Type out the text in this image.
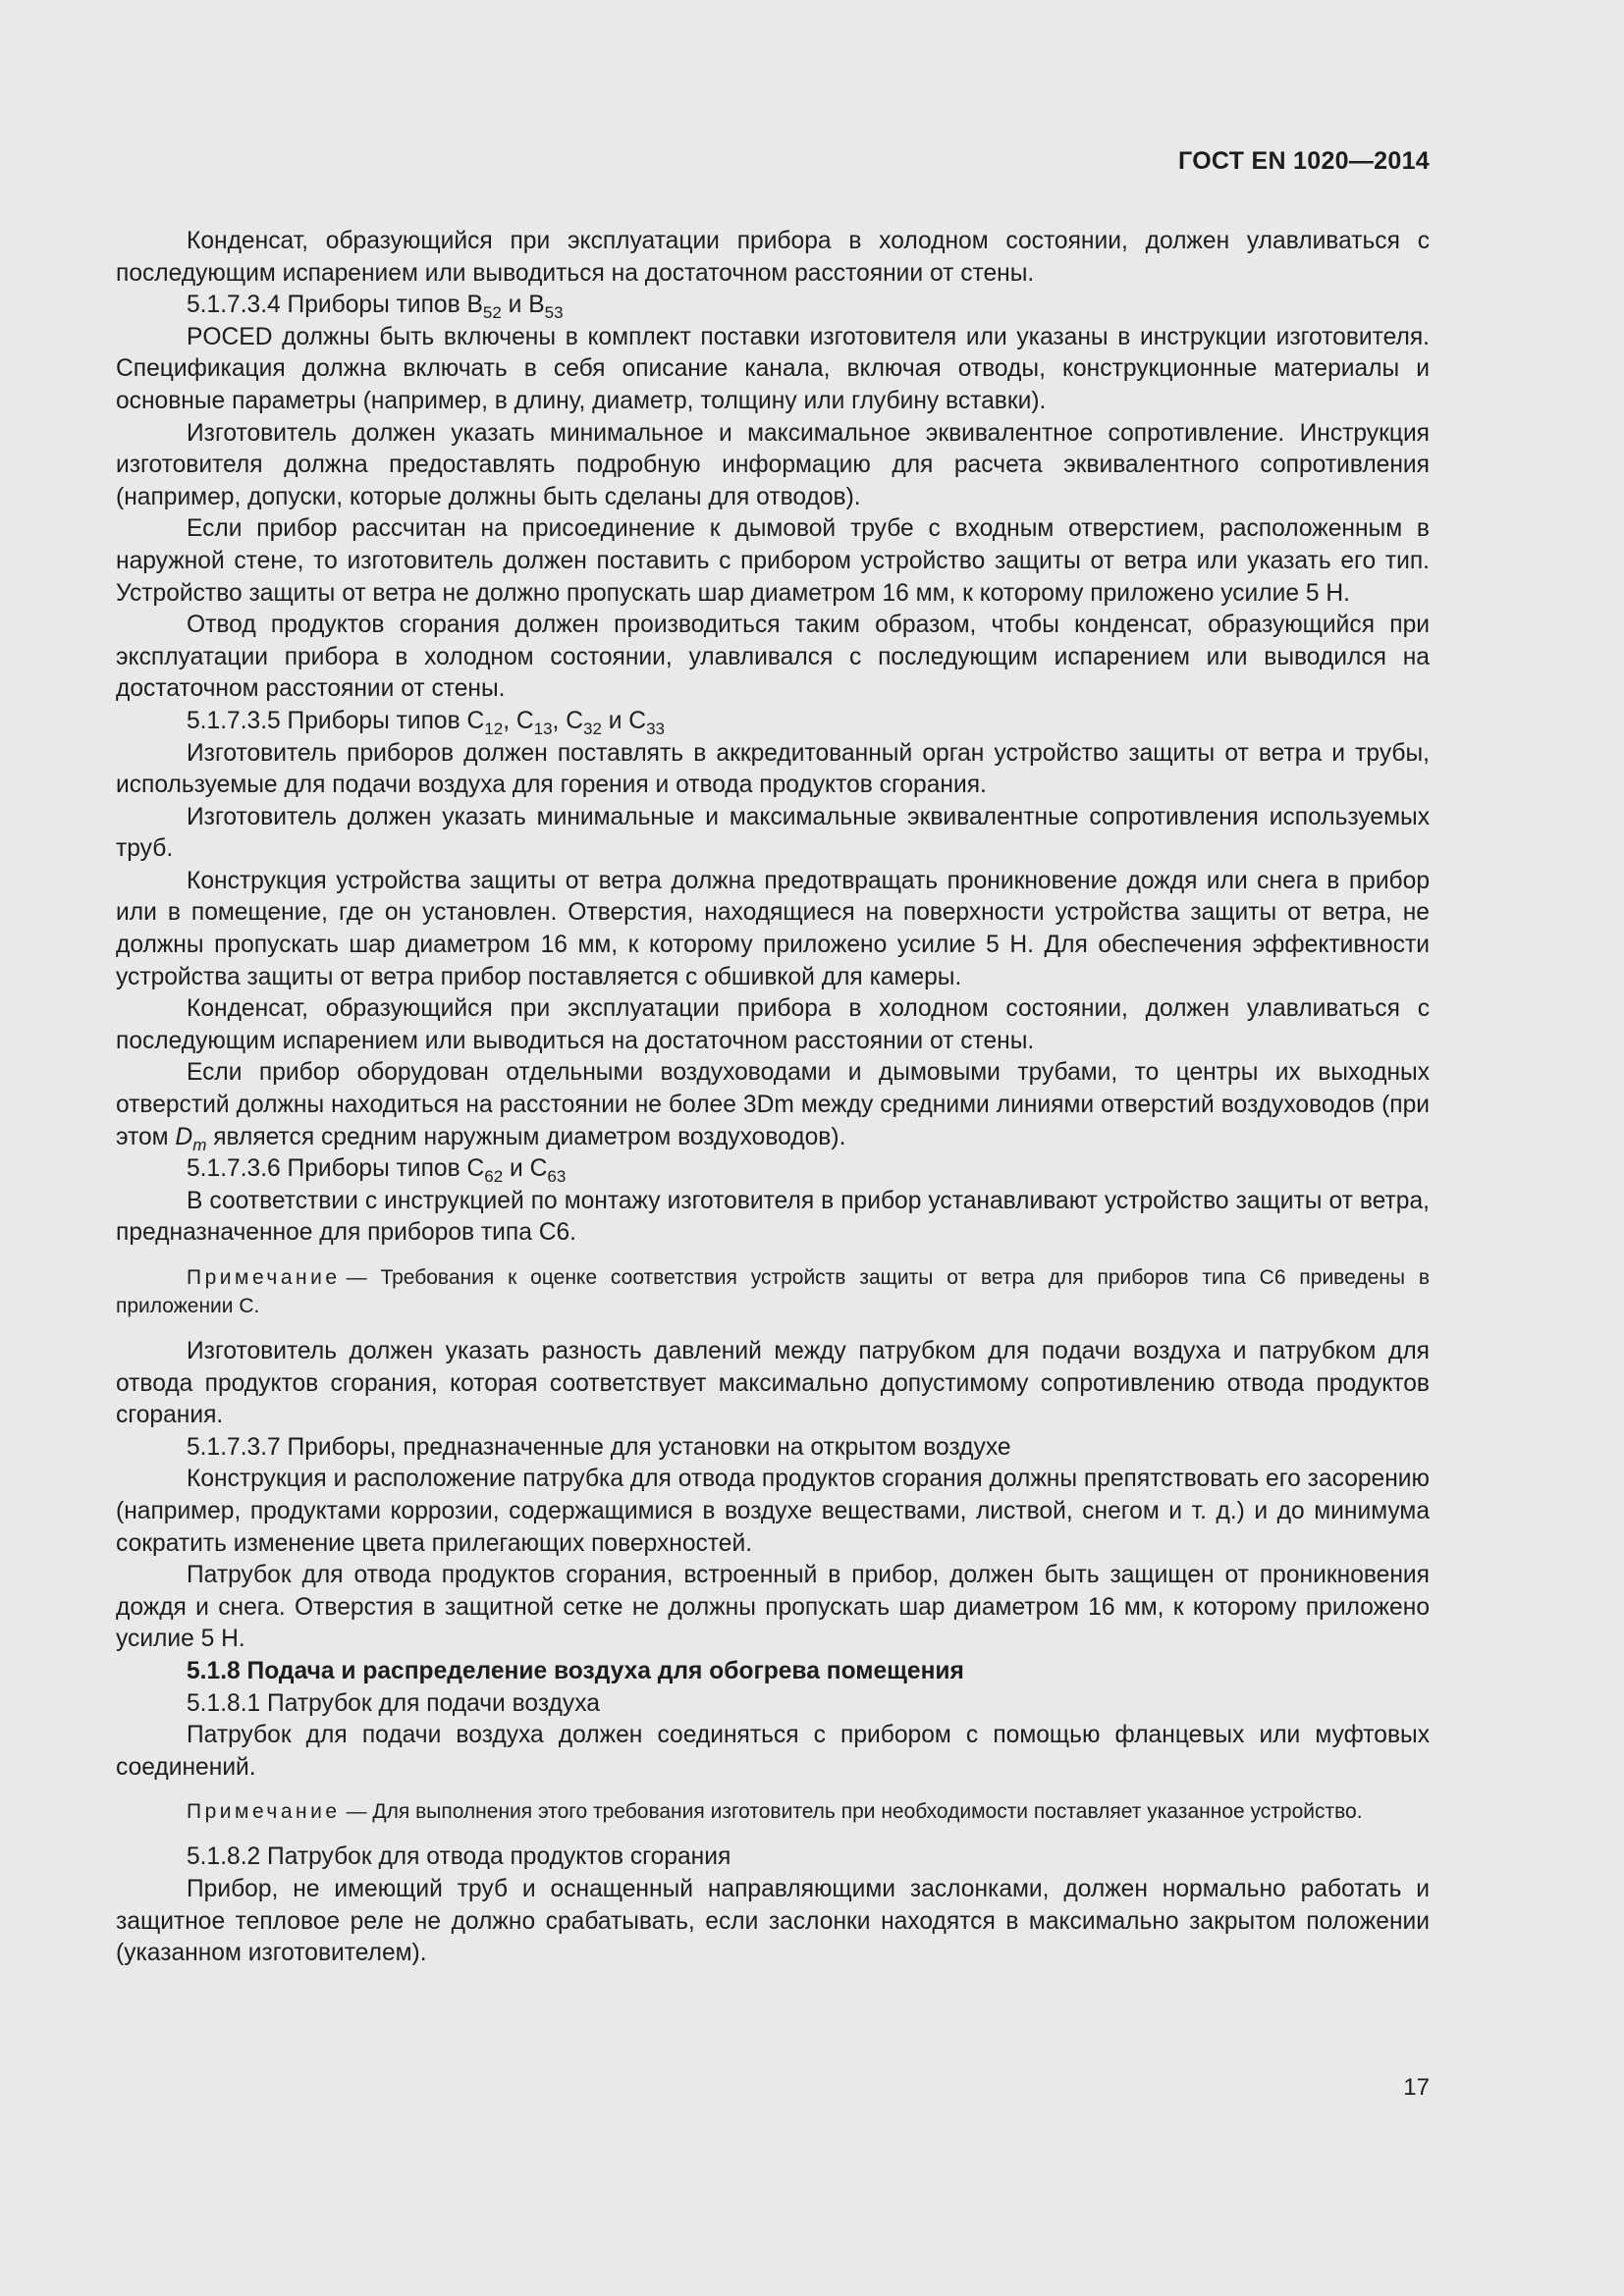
ГОСТ EN 1020—2014

Конденсат, образующийся при эксплуатации прибора в холодном состоянии, должен улавливаться с последующим испарением или выводиться на достаточном расстоянии от стены.

5.1.7.3.4 Приборы типов $В_{52}$ и $В_{53}$

POCED должны быть включены в комплект поставки изготовителя или указаны в инструкции изготовителя. Спецификация должна включать в себя описание канала, включая отводы, конструкционные материалы и основные параметры (например, в длину, диаметр, толщину или глубину вставки).

Изготовитель должен указать минимальное и максимальное эквивалентное сопротивление. Инструкция изготовителя должна предоставлять подробную информацию для расчета эквивалентного сопротивления (например, допуски, которые должны быть сделаны для отводов).

Если прибор рассчитан на присоединение к дымовой трубе с входным отверстием, расположенным в наружной стене, то изготовитель должен поставить с прибором устройство защиты от ветра или указать его тип. Устройство защиты от ветра не должно пропускать шар диаметром 16 мм, к которому приложено усилие 5 Н.

Отвод продуктов сгорания должен производиться таким образом, чтобы конденсат, образующийся при эксплуатации прибора в холодном состоянии, улавливался с последующим испарением или выводился на достаточном расстоянии от стены.

5.1.7.3.5 Приборы типов $С_{12}$, $С_{13}$, $С_{32}$ и $С_{33}$

Изготовитель приборов должен поставлять в аккредитованный орган устройство защиты от ветра и трубы, используемые для подачи воздуха для горения и отвода продуктов сгорания.

Изготовитель должен указать минимальные и максимальные эквивалентные сопротивления используемых труб.

Конструкция устройства защиты от ветра должна предотвращать проникновение дождя или снега в прибор или в помещение, где он установлен. Отверстия, находящиеся на поверхности устройства защиты от ветра, не должны пропускать шар диаметром 16 мм, к которому приложено усилие 5 Н. Для обеспечения эффективности устройства защиты от ветра прибор поставляется с обшивкой для камеры.

Конденсат, образующийся при эксплуатации прибора в холодном состоянии, должен улавливаться с последующим испарением или выводиться на достаточном расстоянии от стены.

Если прибор оборудован отдельными воздуховодами и дымовыми трубами, то центры их выходных отверстий должны находиться на расстоянии не более 3Dm между средними линиями отверстий воздуховодов (при этом $D_m$ является средним наружным диаметром воздуховодов).

5.1.7.3.6 Приборы типов $С_{62}$ и $С_{63}$

В соответствии с инструкцией по монтажу изготовителя в прибор устанавливают устройство защиты от ветра, предназначенное для приборов типа С6.

Примечание — Требования к оценке соответствия устройств защиты от ветра для приборов типа С6 приведены в приложении С.

Изготовитель должен указать разность давлений между патрубком для подачи воздуха и патрубком для отвода продуктов сгорания, которая соответствует максимально допустимому сопротивлению отвода продуктов сгорания.

5.1.7.3.7 Приборы, предназначенные для установки на открытом воздухе

Конструкция и расположение патрубка для отвода продуктов сгорания должны препятствовать его засорению (например, продуктами коррозии, содержащимися в воздухе веществами, листвой, снегом и т. д.) и до минимума сократить изменение цвета прилегающих поверхностей.

Патрубок для отвода продуктов сгорания, встроенный в прибор, должен быть защищен от проникновения дождя и снега. Отверстия в защитной сетке не должны пропускать шар диаметром 16 мм, к которому приложено усилие 5 Н.

5.1.8 Подача и распределение воздуха для обогрева помещения

5.1.8.1 Патрубок для подачи воздуха

Патрубок для подачи воздуха должен соединяться с прибором с помощью фланцевых или муфтовых соединений.

Примечание — Для выполнения этого требования изготовитель при необходимости поставляет указанное устройство.

5.1.8.2 Патрубок для отвода продуктов сгорания

Прибор, не имеющий труб и оснащенный направляющими заслонками, должен нормально работать и защитное тепловое реле не должно срабатывать, если заслонки находятся в максимально закрытом положении (указанном изготовителем).

17
